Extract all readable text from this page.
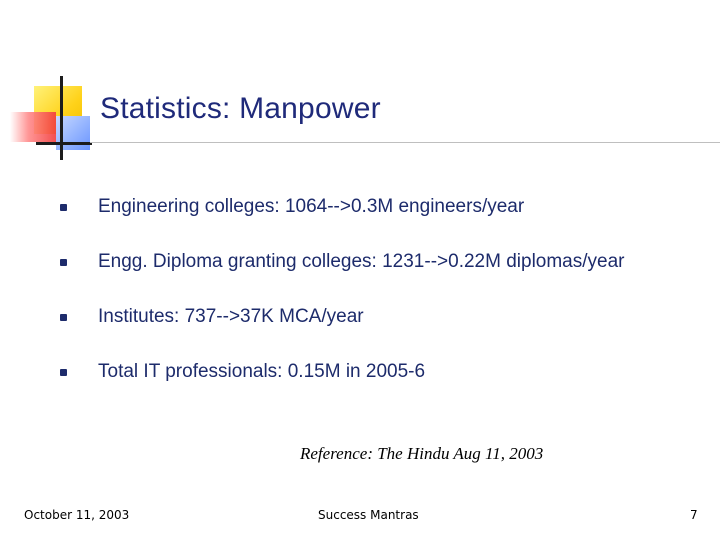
Statistics: Manpower
Engineering colleges: 1064-->0.3M engineers/year
Engg. Diploma granting colleges: 1231-->0.22M diplomas/year
Institutes: 737-->37K MCA/year
Total IT professionals: 0.15M in 2005-6
Reference: The Hindu Aug 11, 2003
October 11, 2003	Success Mantras	7
